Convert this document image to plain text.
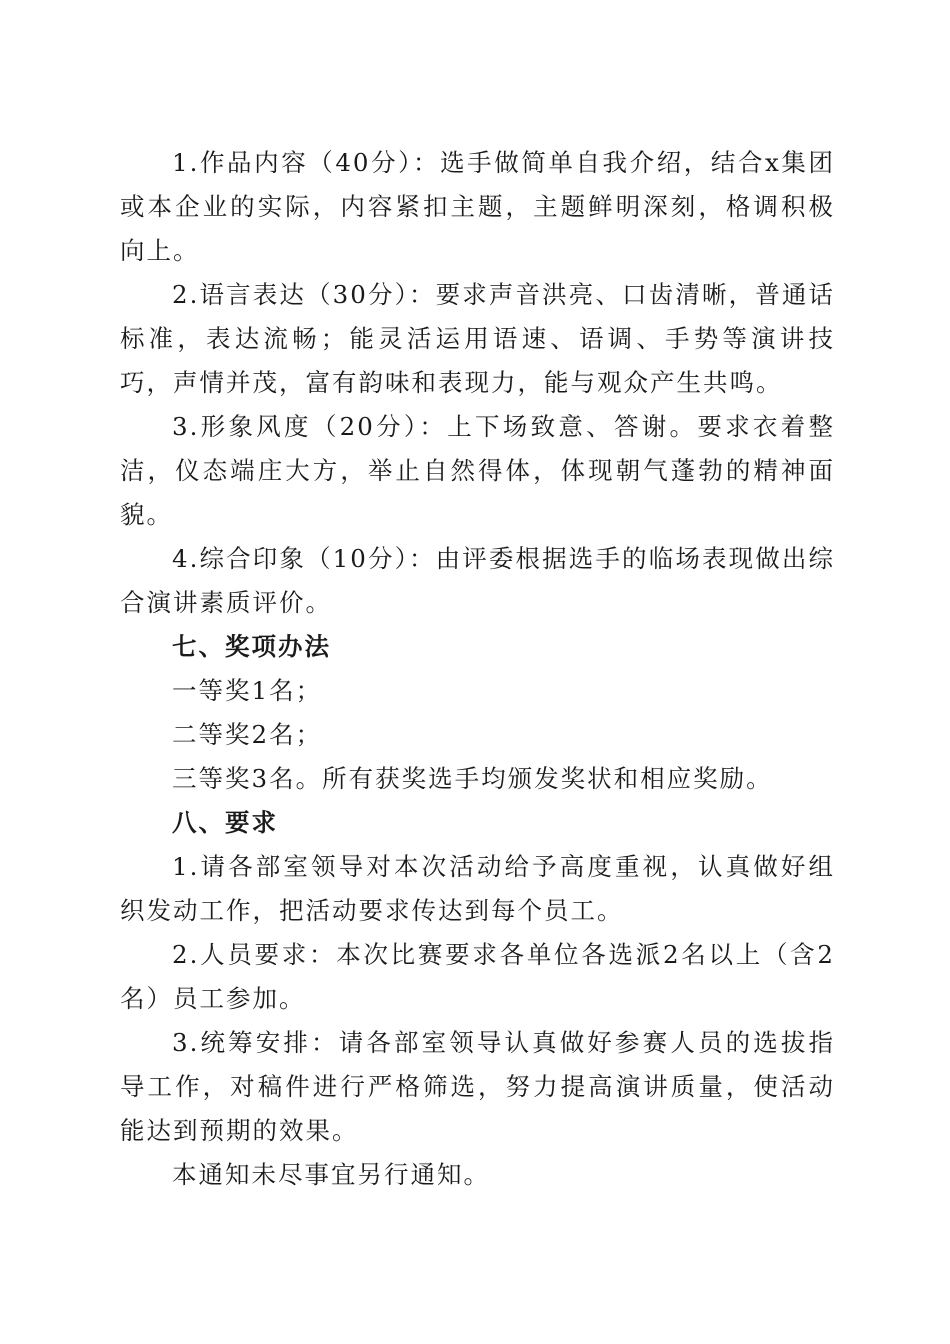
1.作品内容（40分）：选手做简单自我介绍，结合x集团或本企业的实际，内容紧扣主题，主题鲜明深刻，格调积极向上。

2.语言表达（30分）：要求声音洪亮、口齿清晰，普通话标准，表达流畅；能灵活运用语速、语调、手势等演讲技巧，声情并茂，富有韵味和表现力，能与观众产生共鸣。

3.形象风度（20分）：上下场致意、答谢。要求衣着整洁，仪态端庄大方，举止自然得体，体现朝气蓬勃的精神面貌。

4.综合印象（10分）：由评委根据选手的临场表现做出综合演讲素质评价。

七、奖项办法

一等奖1名；

二等奖2名；

三等奖3名。所有获奖选手均颁发奖状和相应奖励。

八、要求

1.请各部室领导对本次活动给予高度重视，认真做好组织发动工作，把活动要求传达到每个员工。

2.人员要求：本次比赛要求各单位各选派2名以上（含2名）员工参加。

3.统筹安排：请各部室领导认真做好参赛人员的选拔指导工作，对稿件进行严格筛选，努力提高演讲质量，使活动能达到预期的效果。

本通知未尽事宜另行通知。
